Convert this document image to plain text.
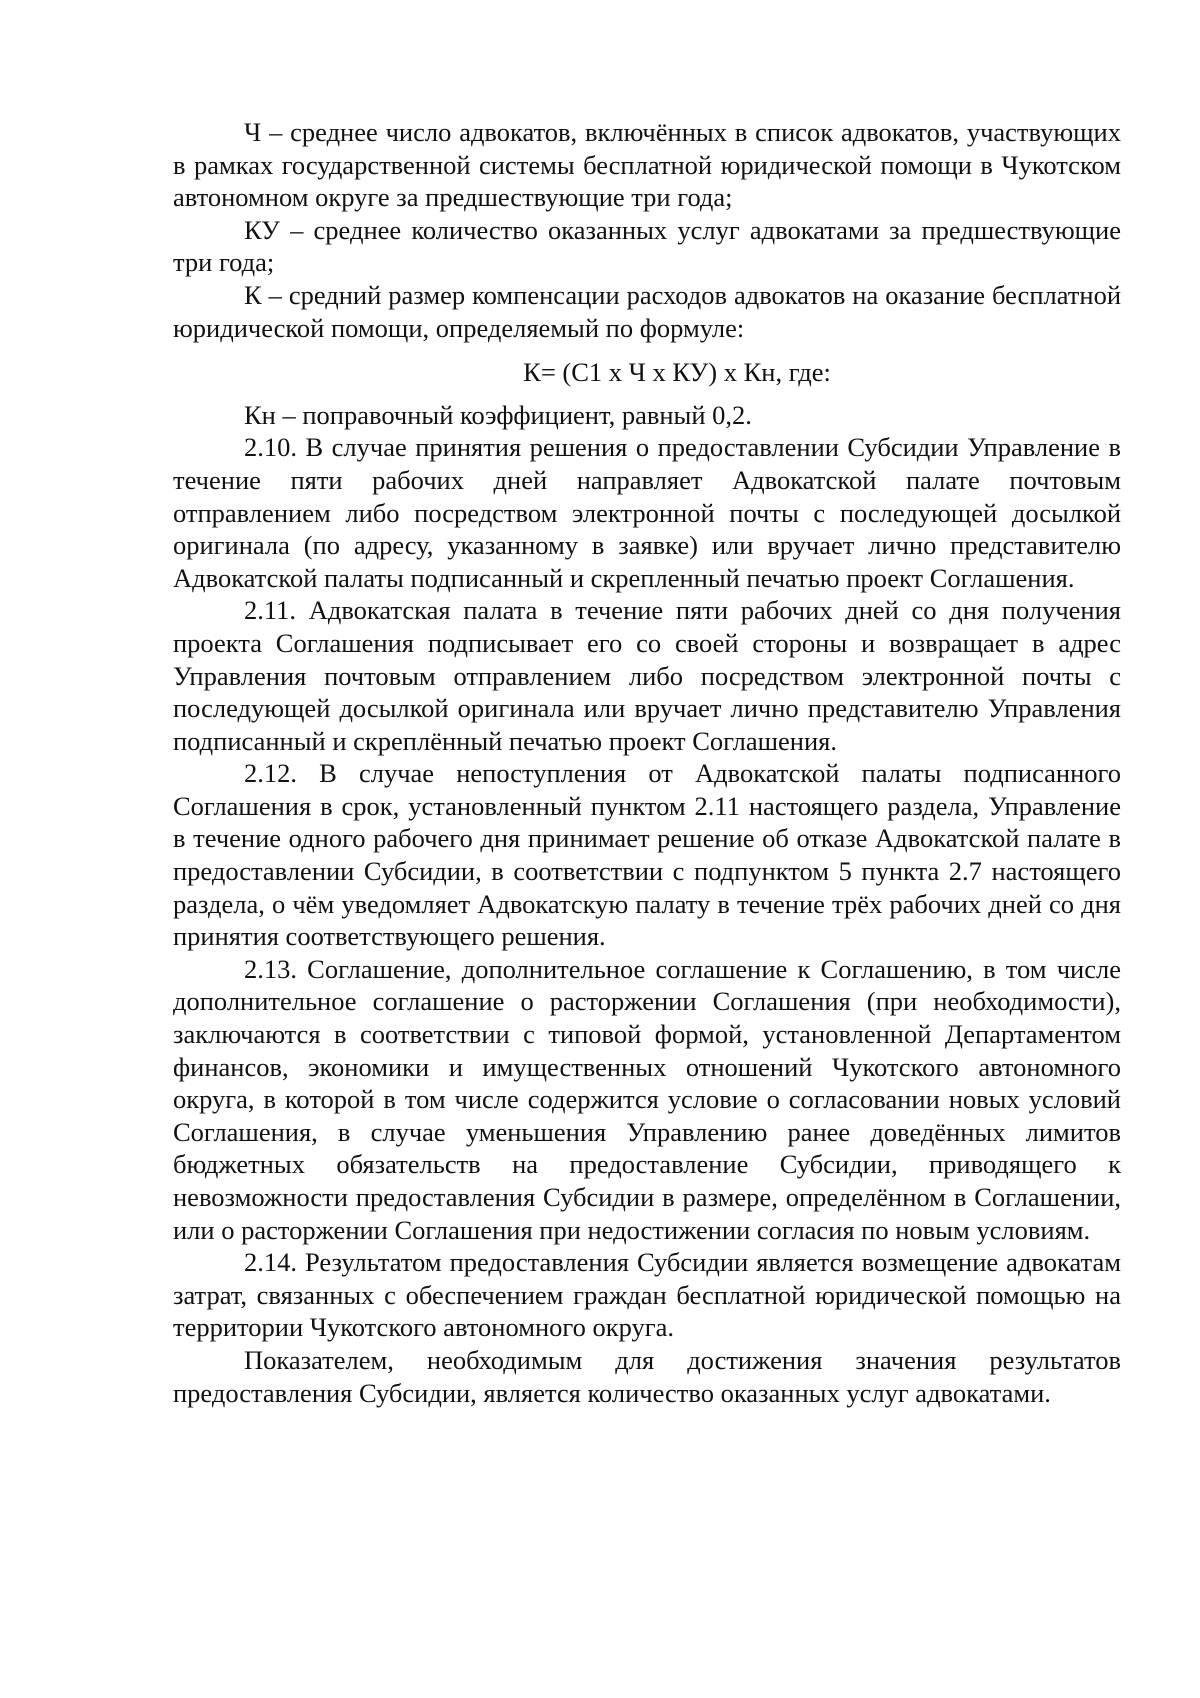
Ч – среднее число адвокатов, включённых в список адвокатов, участвующих в рамках государственной системы бесплатной юридической помощи в Чукотском автономном округе за предшествующие три года;

КУ – среднее количество оказанных услуг адвокатами за предшествующие три года;

К – средний размер компенсации расходов адвокатов на оказание бесплатной юридической помощи, определяемый по формуле:

К= (С1 х Ч х КУ) х Кн, где:

Кн – поправочный коэффициент, равный 0,2.

2.10. В случае принятия решения о предоставлении Субсидии Управление в течение пяти рабочих дней направляет Адвокатской палате почтовым отправлением либо посредством электронной почты с последующей досылкой оригинала (по адресу, указанному в заявке) или вручает лично представителю Адвокатской палаты подписанный и скрепленный печатью проект Соглашения.

2.11. Адвокатская палата в течение пяти рабочих дней со дня получения проекта Соглашения подписывает его со своей стороны и возвращает в адрес Управления почтовым отправлением либо посредством электронной почты с последующей досылкой оригинала или вручает лично представителю Управления подписанный и скреплённый печатью проект Соглашения.

2.12. В случае непоступления от Адвокатской палаты подписанного Соглашения в срок, установленный пунктом 2.11 настоящего раздела, Управление в течение одного рабочего дня принимает решение об отказе Адвокатской палате в предоставлении Субсидии, в соответствии с подпунктом 5 пункта 2.7 настоящего раздела, о чём уведомляет Адвокатскую палату в течение трёх рабочих дней со дня принятия соответствующего решения.

2.13. Соглашение, дополнительное соглашение к Соглашению, в том числе дополнительное соглашение о расторжении Соглашения (при необходимости), заключаются в соответствии с типовой формой, установленной Департаментом финансов, экономики и имущественных отношений Чукотского автономного округа, в которой в том числе содержится условие о согласовании новых условий Соглашения, в случае уменьшения Управлению ранее доведённых лимитов бюджетных обязательств на предоставление Субсидии, приводящего к невозможности предоставления Субсидии в размере, определённом в Соглашении, или о расторжении Соглашения при недостижении согласия по новым условиям.

2.14. Результатом предоставления Субсидии является возмещение адвокатам затрат, связанных с обеспечением граждан бесплатной юридической помощью на территории Чукотского автономного округа.

Показателем, необходимым для достижения значения результатов предоставления Субсидии, является количество оказанных услуг адвокатами.
